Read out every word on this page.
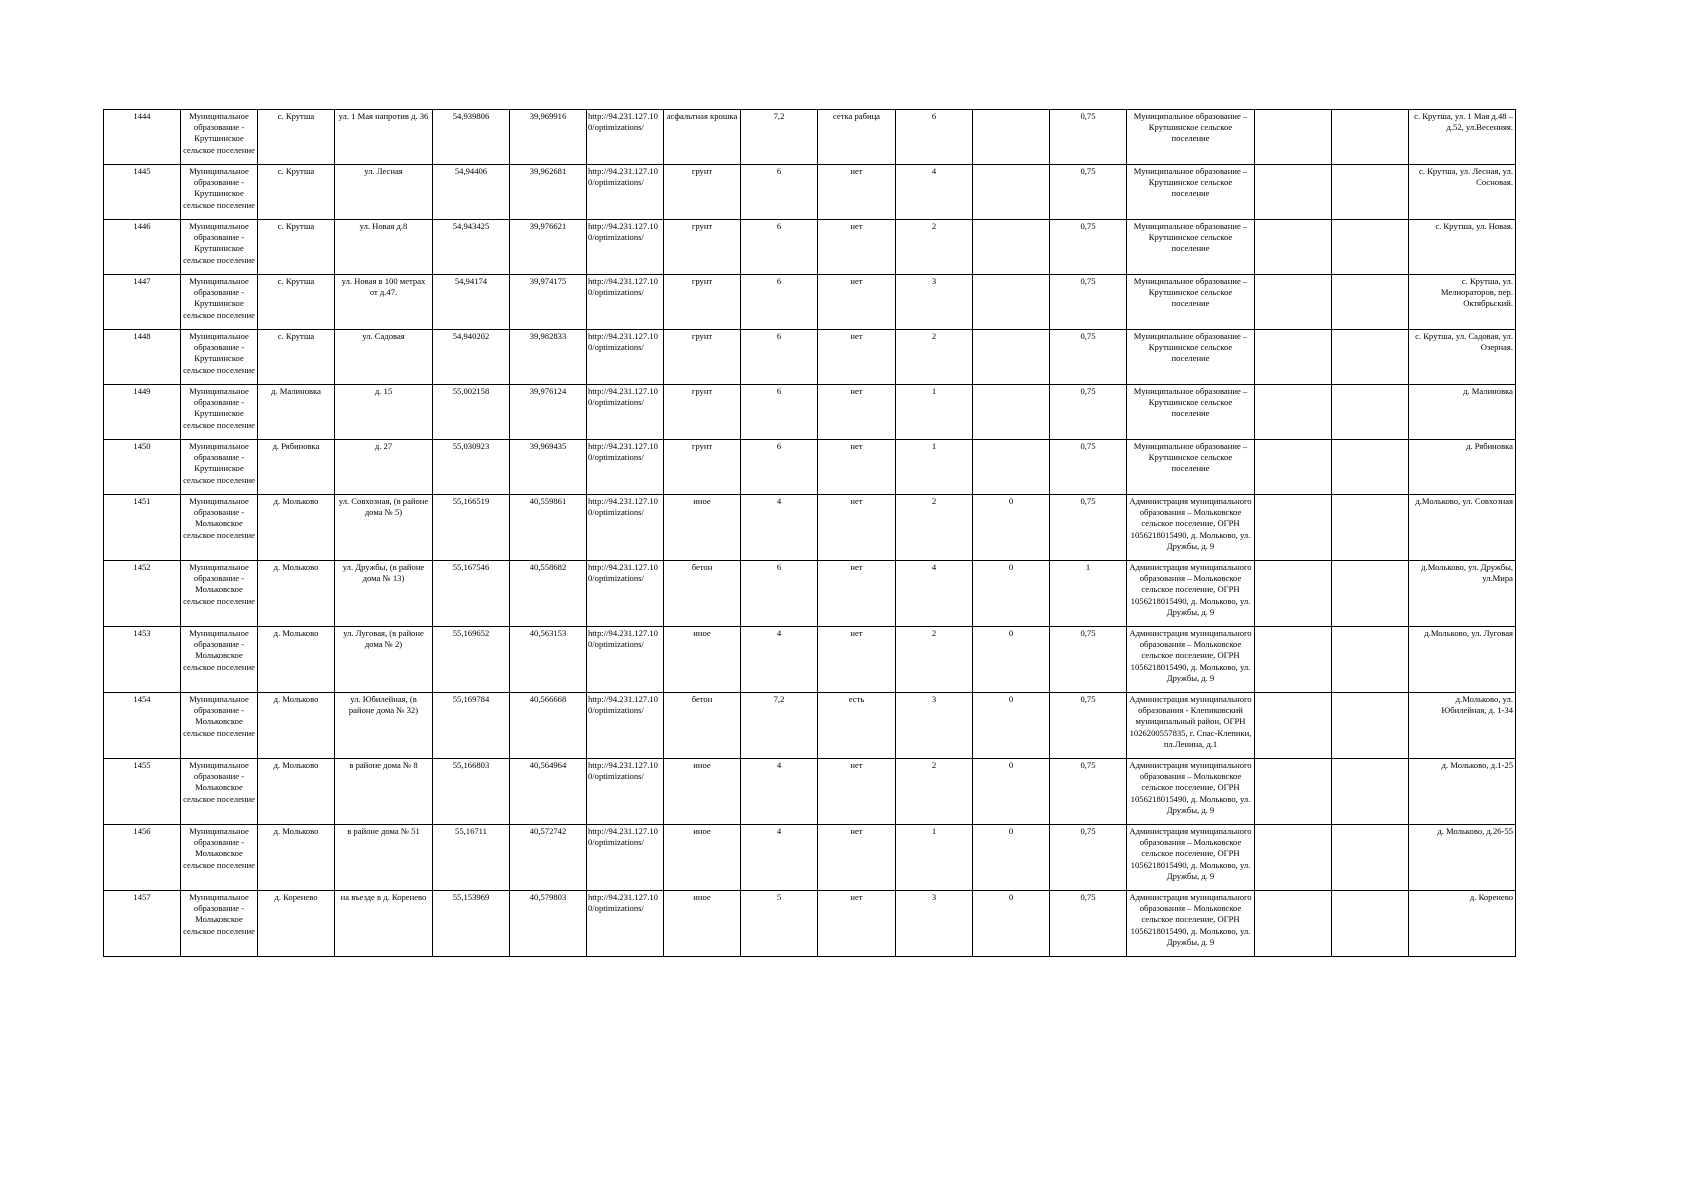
1444	Муниципальное образование - Крутшинское сельское поселение	с. Крутша	ул. 1 Мая напротив д. 36	54,939806	39,969916	http://94.231.127.10 0/optimizations/	асфальтная крошка	7,2	сетка рабица	6		0,75	Муниципальное образование – Крутшинское сельское поселение			с. Крутша, ул. 1 Мая д.48 – д.52, ул.Весенняя.
1445	Муниципальное образование - Крутшинское сельское поселение	с. Крутша	ул. Лесная	54,94406	39,962681	http://94.231.127.10 0/optimizations/	грунт	6	нет	4		0,75	Муниципальное образование – Крутшинское сельское поселение			с. Крутша, ул. Лесная, ул. Сосновая.
1446	Муниципальное образование - Крутшинское сельское поселение	с. Крутша	ул. Новая д.8	54,943425	39,976621	http://94.231.127.10 0/optimizations/	грунт	6	нет	2		0,75	Муниципальное образование – Крутшинское сельское поселение			с. Крутша, ул. Новая.
1447	Муниципальное образование - Крутшинское сельское поселение	с. Крутша	ул. Новая в 100 метрах от д.47.	54,94174	39,974175	http://94.231.127.10 0/optimizations/	грунт	6	нет	3		0,75	Муниципальное образование – Крутшинское сельское поселение			с. Крутша, ул. Мелиораторов, пер. Октябрьский.
1448	Муниципальное образование - Крутшинское сельское поселение	с. Крутша	ул. Садовая	54,940202	39,982833	http://94.231.127.10 0/optimizations/	грунт	6	нет	2		0,75	Муниципальное образование – Крутшинское сельское поселение			с. Крутша, ул. Садовая, ул. Озерная.
1449	Муниципальное образование - Крутшинское сельское поселение	д. Малиновка	д. 15	55,002158	39,976124	http://94.231.127.10 0/optimizations/	грунт	6	нет	1		0,75	Муниципальное образование – Крутшинское сельское поселение			д. Малиновка
1450	Муниципальное образование - Крутшинское сельское поселение	д. Рябиновка	д. 27	55,030923	39,969435	http://94.231.127.10 0/optimizations/	грунт	6	нет	1		0,75	Муниципальное образование – Крутшинское сельское поселение			д. Рябиновка
1451	Муниципальное образование - Мольковское сельское поселение	д. Мольково	ул. Совхозная, (в районе дома № 5)	55,166519	40,559861	http://94.231.127.10 0/optimizations/	иное	4	нет	2	0	0,75	Администрация муниципального образования – Мольковское сельское поселение, ОГРН 1056218015490, д. Мольково, ул. Дружбы, д. 9			д.Мольково, ул. Совхозная
1452	Муниципальное образование - Мольковское сельское поселение	д. Мольково	ул. Дружбы, (в районе дома № 13)	55,167546	40,558682	http://94.231.127.10 0/optimizations/	бетон	6	нет	4	0	1	Администрация муниципального образования – Мольковское сельское поселение, ОГРН 1056218015490, д. Мольково, ул. Дружбы, д. 9			д.Мольково, ул. Дружбы, ул.Мира
1453	Муниципальное образование - Мольковское сельское поселение	д. Мольково	ул. Луговая, (в районе дома № 2)	55,169652	40,563153	http://94.231.127.10 0/optimizations/	иное	4	нет	2	0	0,75	Администрация муниципального образования – Мольковское сельское поселение, ОГРН 1056218015490, д. Мольково, ул. Дружбы, д. 9			д.Мольково, ул. Луговая
1454	Муниципальное образование - Мольковское сельское поселение	д. Мольково	ул. Юбилейная, (в районе дома № 32)	55,169784	40,566668	http://94.231.127.10 0/optimizations/	бетон	7,2	есть	3	0	0,75	Администрация муниципального образования - Клепиковский муниципальный район, ОГРН 1026200557835, г. Спас-Клепики, пл.Ленина, д.1			д.Мольково, ул. Юбилейная, д. 1-34
1455	Муниципальное образование - Мольковское сельское поселение	д. Мольково	в районе дома № 8	55,166803	40,564964	http://94.231.127.10 0/optimizations/	иное	4	нет	2	0	0,75	Администрация муниципального образования – Мольковское сельское поселение, ОГРН 1056218015490, д. Мольково, ул. Дружбы, д. 9			д. Мольково, д.1-25
1456	Муниципальное образование - Мольковское сельское поселение	д. Мольково	в районе дома № 51	55,16711	40,572742	http://94.231.127.10 0/optimizations/	иное	4	нет	1	0	0,75	Администрация муниципального образования – Мольковское сельское поселение, ОГРН 1056218015490, д. Мольково, ул. Дружбы, д. 9			д. Мольково, д.26-55
1457	Муниципальное образование - Мольковское сельское поселение	д. Коренево	на въезде в д. Коренево	55,153969	40,579803	http://94.231.127.10 0/optimizations/	иное	5	нет	3	0	0,75	Администрация муниципального образования – Мольковское сельское поселение, ОГРН 1056218015490, д. Мольково, ул. Дружбы, д. 9			д. Коренево
